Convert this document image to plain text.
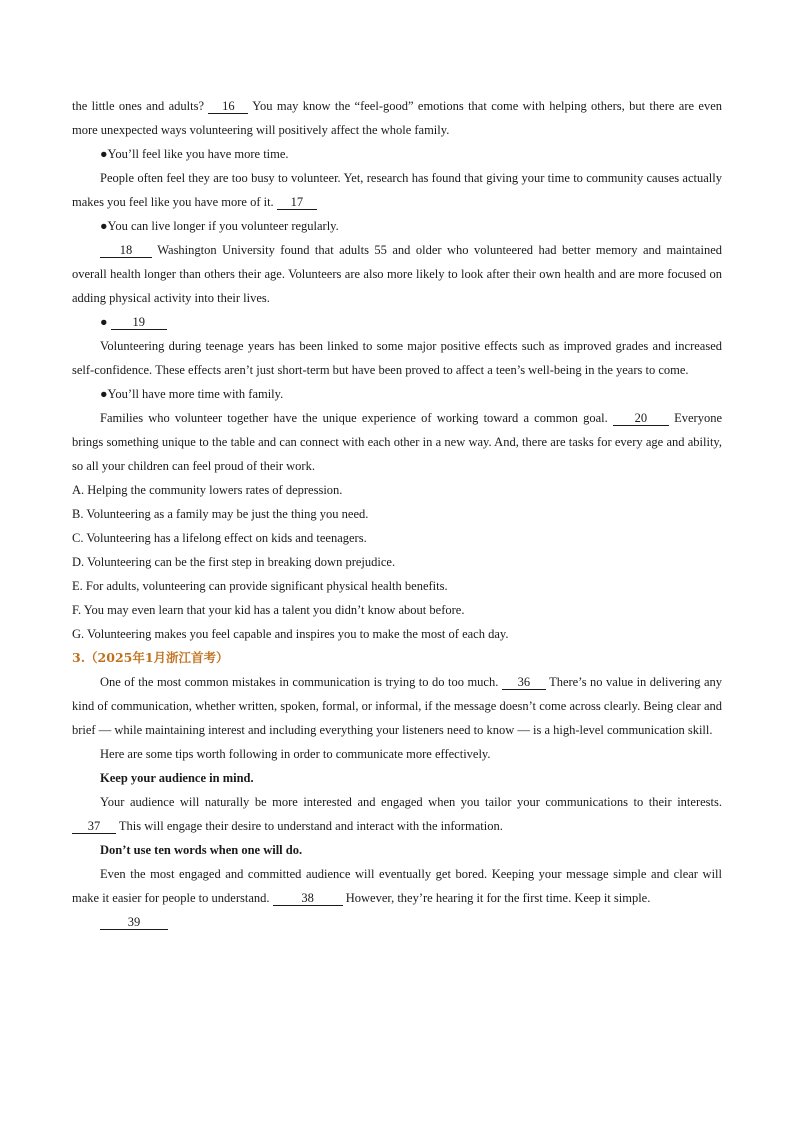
the little ones and adults? 16 You may know the “feel-good” emotions that come with helping others, but there are even more unexpected ways volunteering will positively affect the whole family.

●You’ll feel like you have more time.

People often feel they are too busy to volunteer. Yet, research has found that giving your time to community causes actually makes you feel like you have more of it. 17

●You can live longer if you volunteer regularly.

18 Washington University found that adults 55 and older who volunteered had better memory and maintained overall health longer than others their age. Volunteers are also more likely to look after their own health and are more focused on adding physical activity into their lives.

● 19

Volunteering during teenage years has been linked to some major positive effects such as improved grades and increased self-confidence. These effects aren’t just short-term but have been proved to affect a teen’s well-being in the years to come.

●You’ll have more time with family.

Families who volunteer together have the unique experience of working toward a common goal. 20 Everyone brings something unique to the table and can connect with each other in a new way. And, there are tasks for every age and ability, so all your children can feel proud of their work.

A. Helping the community lowers rates of depression.

B. Volunteering as a family may be just the thing you need.

C. Volunteering has a lifelong effect on kids and teenagers.

D. Volunteering can be the first step in breaking down prejudice.

E. For adults, volunteering can provide significant physical health benefits.

F. You may even learn that your kid has a talent you didn’t know about before.

G. Volunteering makes you feel capable and inspires you to make the most of each day.

3.（2025年1月浙江首考）

One of the most common mistakes in communication is trying to do too much. 36 There’s no value in delivering any kind of communication, whether written, spoken, formal, or informal, if the message doesn’t come across clearly. Being clear and brief — while maintaining interest and including everything your listeners need to know — is a high-level communication skill.

Here are some tips worth following in order to communicate more effectively.

Keep your audience in mind.

Your audience will naturally be more interested and engaged when you tailor your communications to their interests. 37 This will engage their desire to understand and interact with the information.

Don’t use ten words when one will do.

Even the most engaged and committed audience will eventually get bored. Keeping your message simple and clear will make it easier for people to understand. 38 However, they’re hearing it for the first time. Keep it simple.

39
